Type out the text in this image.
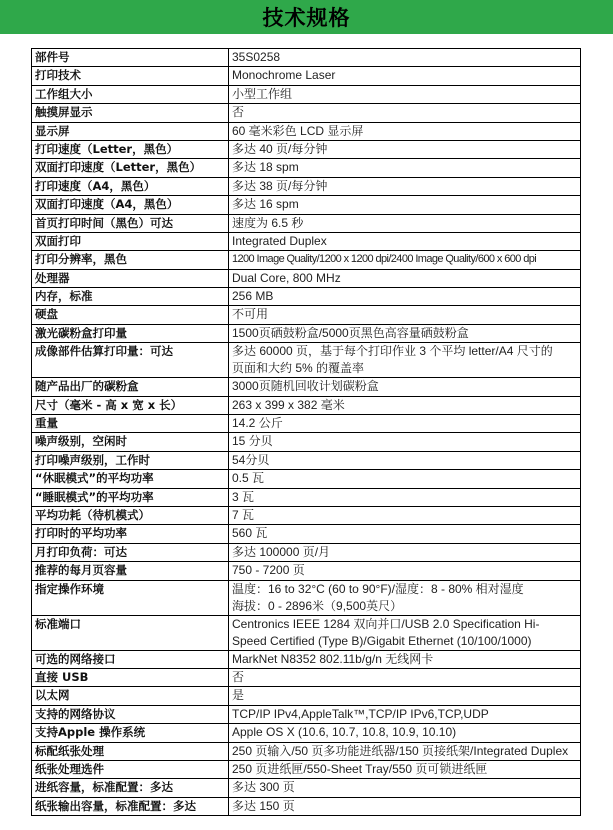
技术规格
部件号	35S0258
打印技术	Monochrome Laser
工作组大小	小型工作组
触摸屏显示	否
显示屏	60 毫米彩色 LCD 显示屏
打印速度（Letter，黑色）	多达 40 页/每分钟
双面打印速度（Letter，黑色）	多达 18 spm
打印速度（A4，黑色）	多达 38 页/每分钟
双面打印速度（A4，黑色）	多达 16 spm
首页打印时间（黑色）可达	速度为 6.5 秒
双面打印	Integrated Duplex
打印分辨率，黑色	1200 Image Quality/1200 x 1200 dpi/2400 Image Quality/600 x 600 dpi
处理器	Dual Core, 800 MHz
内存，标准	256 MB
硬盘	不可用
激光碳粉盒打印量	1500页硒鼓粉盒/5000页黑色高容量硒鼓粉盒
成像部件估算打印量：可达	多达 60000 页，基于每个打印作业 3 个平均 letter/A4 尺寸的
页面和大约 5% 的覆盖率

随产品出厂的碳粉盒	3000页随机回收计划碳粉盒
尺寸（毫米 - 高 x 宽 x 长）	263 x 399 x 382 毫米
重量	14.2 公斤
噪声级别，空闲时	15 分贝
打印噪声级别，工作时	54分贝
“休眠模式”的平均功率	0.5 瓦
“睡眠模式”的平均功率	3 瓦
平均功耗（待机模式）	7 瓦
打印时的平均功率	560 瓦
月打印负荷：可达	多达 100000 页/月
推荐的每月页容量	750 - 7200 页
指定操作环境	温度：16 to 32°C (60 to 90°F)/湿度：8 - 80% 相对湿度
海拔：0 - 2896米（9,500英尺）

标准端口	Centronics IEEE 1284 双向并口/USB 2.0 Specification Hi-
Speed Certified (Type B)/Gigabit Ethernet (10/100/1000)

可选的网络接口	MarkNet N8352 802.11b/g/n 无线网卡
直接 USB	否
以太网	是
支持的网络协议	TCP/IP IPv4,AppleTalk™,TCP/IP IPv6,TCP,UDP
支持Apple 操作系统	Apple OS X (10.6, 10.7, 10.8, 10.9, 10.10)
标配纸张处理	250 页输入/50 页多功能进纸器/150 页接纸架/Integrated Duplex
纸张处理选件	250 页进纸匣/550-Sheet Tray/550 页可锁进纸匣
进纸容量，标准配置：多达	多达 300 页
纸张输出容量，标准配置：多达	多达 150 页
